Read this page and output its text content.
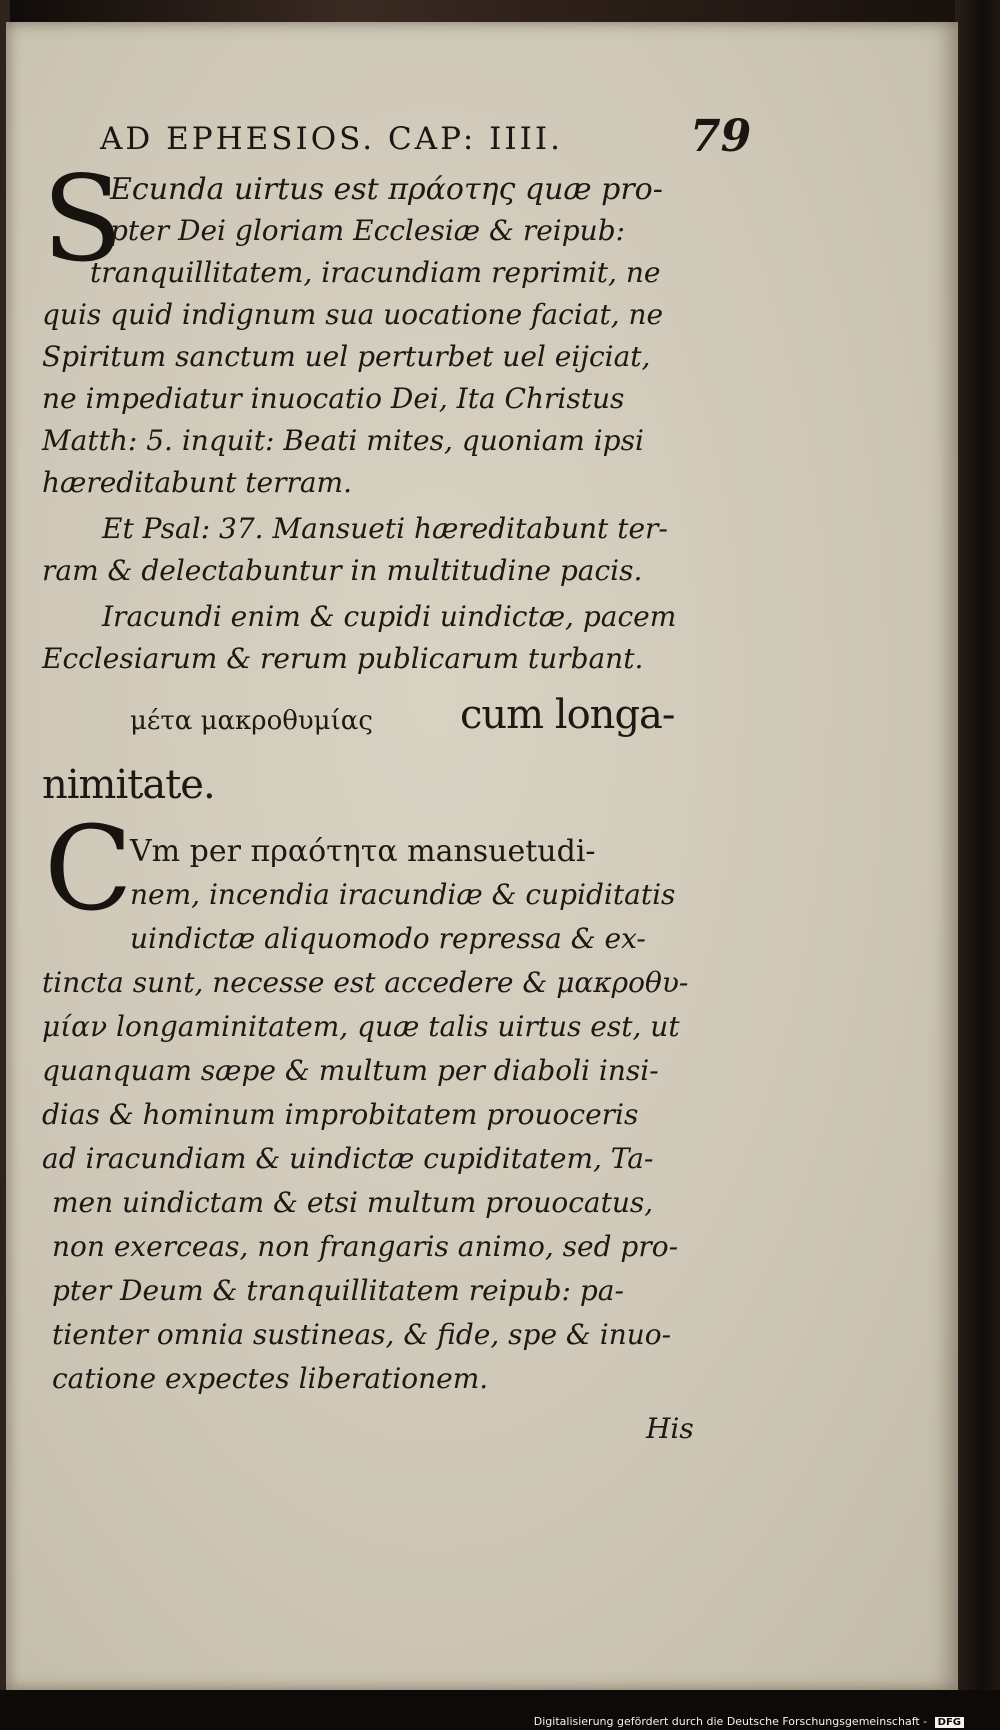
AD EPHESIOS. CAP: IIII.	79
S
Ecunda uirtus est πράοτης quæ pro-
pter Dei gloriam Ecclesiæ & reipub:
tranquillitatem, iracundiam reprimit, ne
quis quid indignum sua uocatione faciat, ne
Spiritum sanctum uel perturbet uel eijciat,
ne impediatur inuocatio Dei, Ita Christus
Matth: 5. inquit: Beati mites, quoniam ipsi
hæreditabunt terram.
Et Psal: 37. Mansueti hæreditabunt ter-
ram & delectabuntur in multitudine pacis.
Iracundi enim & cupidi uindictæ, pacem
Ecclesiarum & rerum publicarum turbant.
μέτα μακροθυμίας cum longa-
nimitate.
C
Vm per πραότητα mansuetudi-
nem, incendia iracundiæ & cupiditatis
uindictæ aliquomodo repressa & ex-
tincta sunt, necesse est accedere & μακροθυ-
μίαν longaminitatem, quæ talis uirtus est, ut
quanquam sæpe & multum per diaboli insi-
dias & hominum improbitatem prouoceris
ad iracundiam & uindictæ cupiditatem, Ta-
men uindictam & etsi multum prouocatus,
non exerceas, non frangaris animo, sed pro-
pter Deum & tranquillitatem reipub: pa-
tienter omnia sustineas, & fide, spe & inuo-
catione expectes liberationem.
His
Digitalisierung gefördert durch die Deutsche Forschungsgemeinschaft - DFG
